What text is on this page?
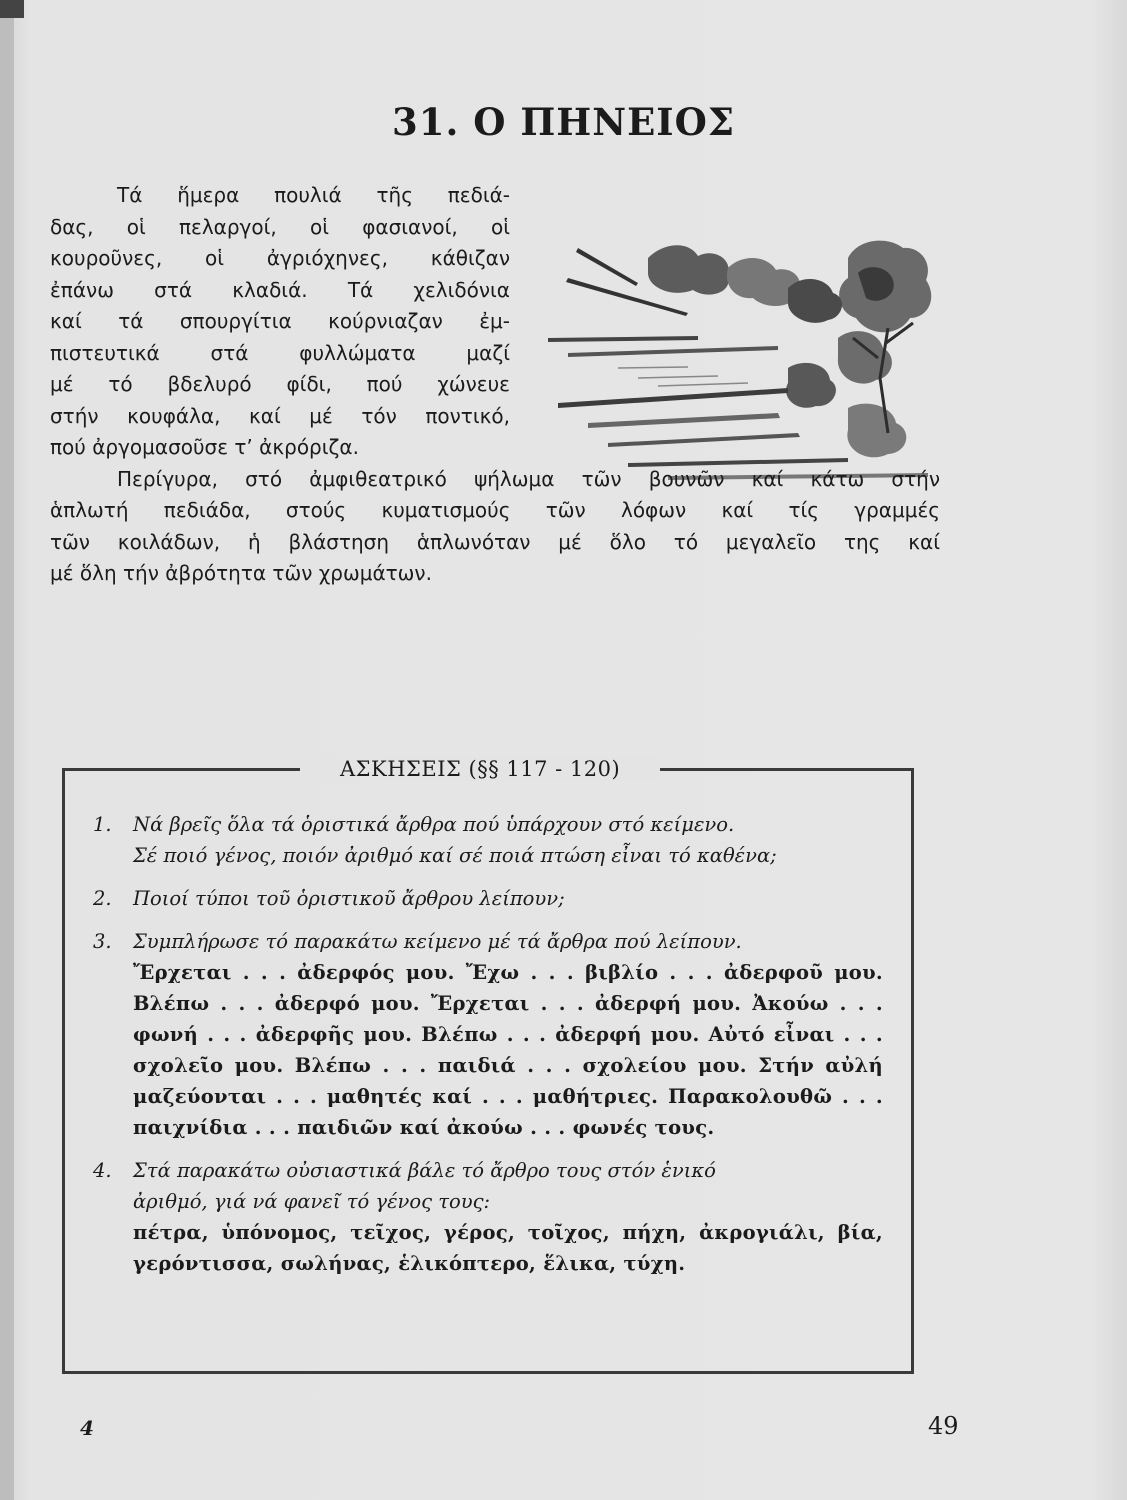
31. Ο ΠΗΝΕΙΟΣ
Τά ἥμερα πουλιά τῆς πεδιά-
δας, οἱ πελαργοί, οἱ φασιανοί, οἱ
κουροῦνες, οἱ ἀγριόχηνες, κάθιζαν
ἐπάνω στά κλαδιά. Τά χελιδόνια
καί τά σπουργίτια κούρνιαζαν ἐμ-
πιστευτικά στά φυλλώματα μαζί
μέ τό βδελυρό φίδι, πού χώνευε
στήν κουφάλα, καί μέ τόν ποντικό,
πού ἀργομασοῦσε τ’ ἀκρόριζα.
Περίγυρα, στό ἀμφιθεατρικό ψήλωμα τῶν βουνῶν καί κάτω στήν
ἁπλωτή πεδιάδα, στούς κυματισμούς τῶν λόφων καί τίς γραμμές
τῶν κοιλάδων, ἡ βλάστηση ἁπλωνόταν μέ ὅλο τό μεγαλεῖο της καί
μέ ὅλη τήν ἀβρότητα τῶν χρωμάτων.
ΑΣΚΗΣΕΙΣ (§§ 117 - 120)
1. Νά βρεῖς ὅλα τά ὁριστικά ἄρθρα πού ὑπάρχουν στό κείμενο.
Σέ ποιό γένος, ποιόν ἀριθμό καί σέ ποιά πτώση εἶναι τό καθένα;
2. Ποιοί τύποι τοῦ ὁριστικοῦ ἄρθρου λείπουν;
3. Συμπλήρωσε τό παρακάτω κείμενο μέ τά ἄρθρα πού λείπουν.
Ἔρχεται . . . ἀδερφός μου. Ἔχω . . . βιβλίο . . . ἀδερφοῦ μου.
Βλέπω . . . ἀδερφό μου. Ἔρχεται . . . ἀδερφή μου. Ἀκούω . . .
φωνή . . . ἀδερφῆς μου. Βλέπω . . . ἀδερφή μου. Αὐτό εἶναι . . .
σχολεῖο μου. Βλέπω . . . παιδιά . . . σχολείου μου. Στήν αὐλή
μαζεύονται . . . μαθητές καί . . . μαθήτριες. Παρακολουθῶ . . .
παιχνίδια . . . παιδιῶν καί ἀκούω . . . φωνές τους.
4. Στά παρακάτω οὐσιαστικά βάλε τό ἄρθρο τους στόν ἑνικό
ἀριθμό, γιά νά φανεῖ τό γένος τους:
πέτρα, ὑπόνομος, τεῖχος, γέρος, τοῖχος, πήχη, ἀκρογιάλι, βία,
γερόντισσα, σωλήνας, ἑλικόπτερο, ἕλικα, τύχη.
4	49
